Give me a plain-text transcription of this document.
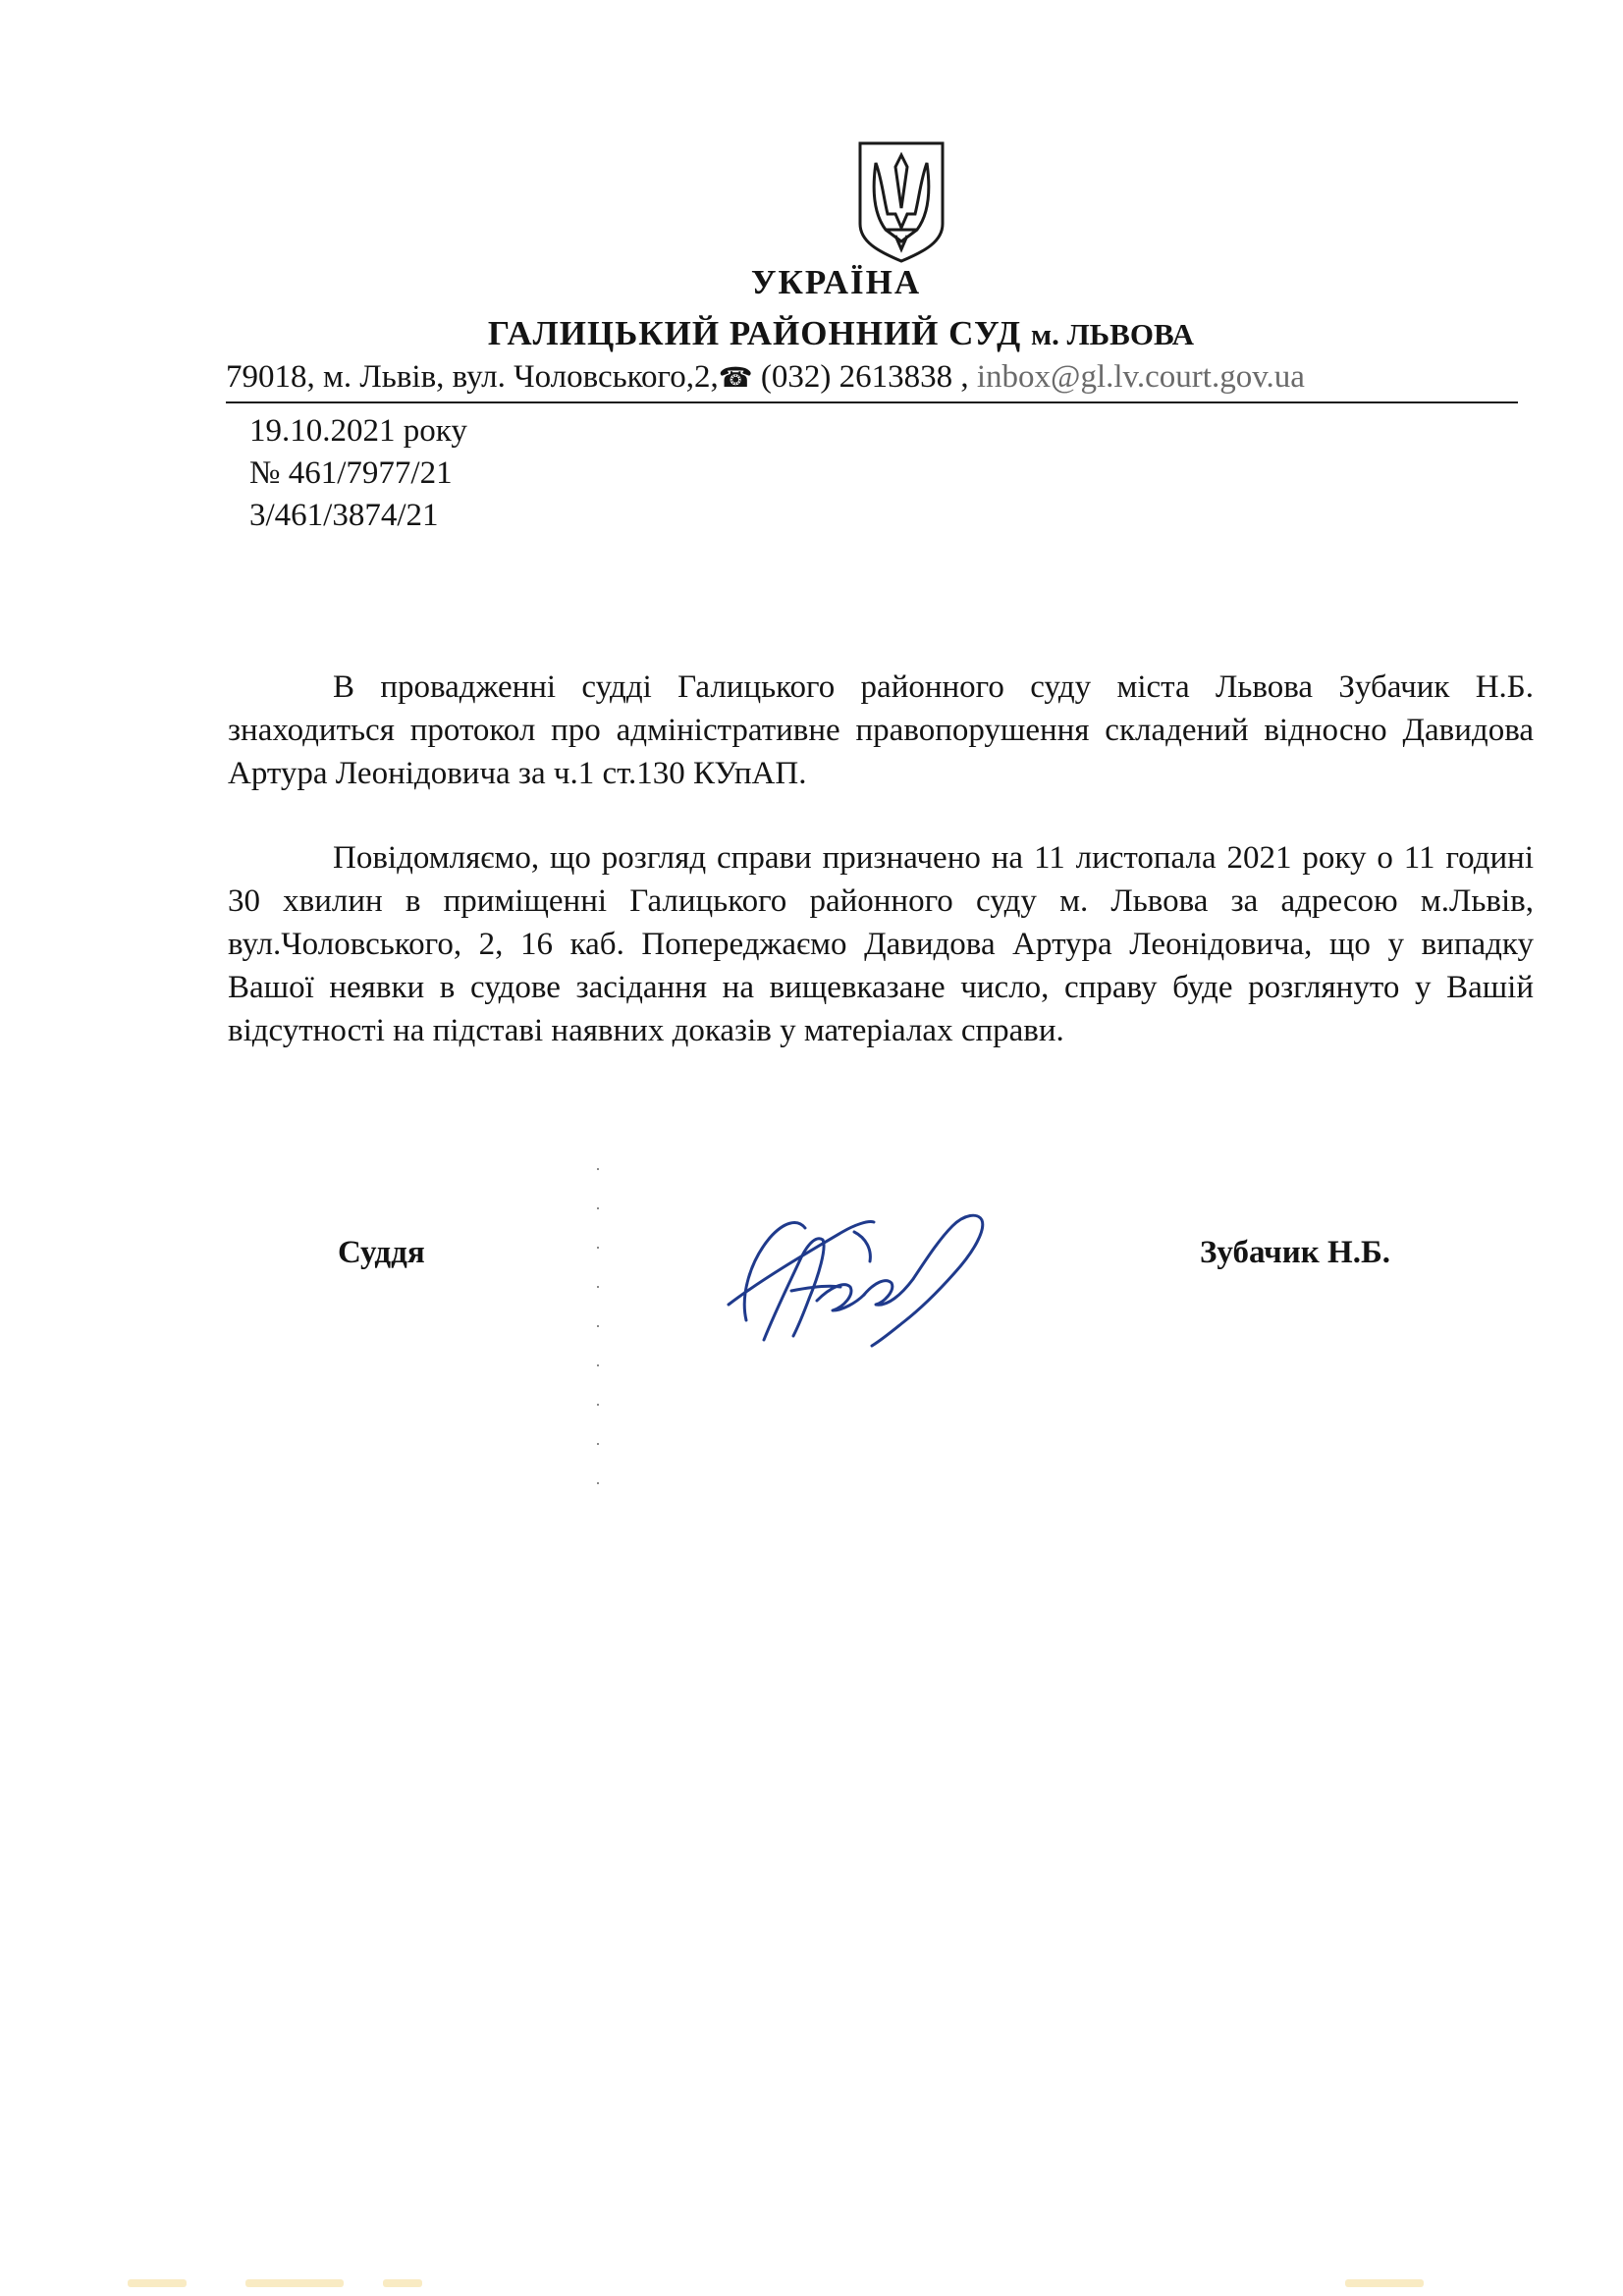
УКРАЇНА
ГАЛИЦЬКИЙ РАЙОННИЙ СУД м. ЛЬВОВА
79018, м. Львів, вул. Чоловського,2,☎ (032) 2613838 , inbox@gl.lv.court.gov.ua
19.10.2021 року
№ 461/7977/21
3/461/3874/21

В провадженні судді Галицького районного суду міста Львова Зубачик Н.Б. знаходиться протокол про адміністративне правопорушення складений відносно Давидова Артура Леонідовича за ч.1 ст.130 КУпАП.

Повідомляємо, що розгляд справи призначено на 11 листопала 2021 року о 11 годині 30 хвилин в приміщенні Галицького районного суду м. Львова за адресою м.Львів, вул.Чоловського, 2, 16 каб. Попереджаємо Давидова Артура Леонідовича, що у випадку Вашої неявки в судове засідання на вищевказане число, справу буде розглянуто у Вашій відсутності на підставі наявних доказів у матеріалах справи.

Суддя	Зубачик Н.Б.
